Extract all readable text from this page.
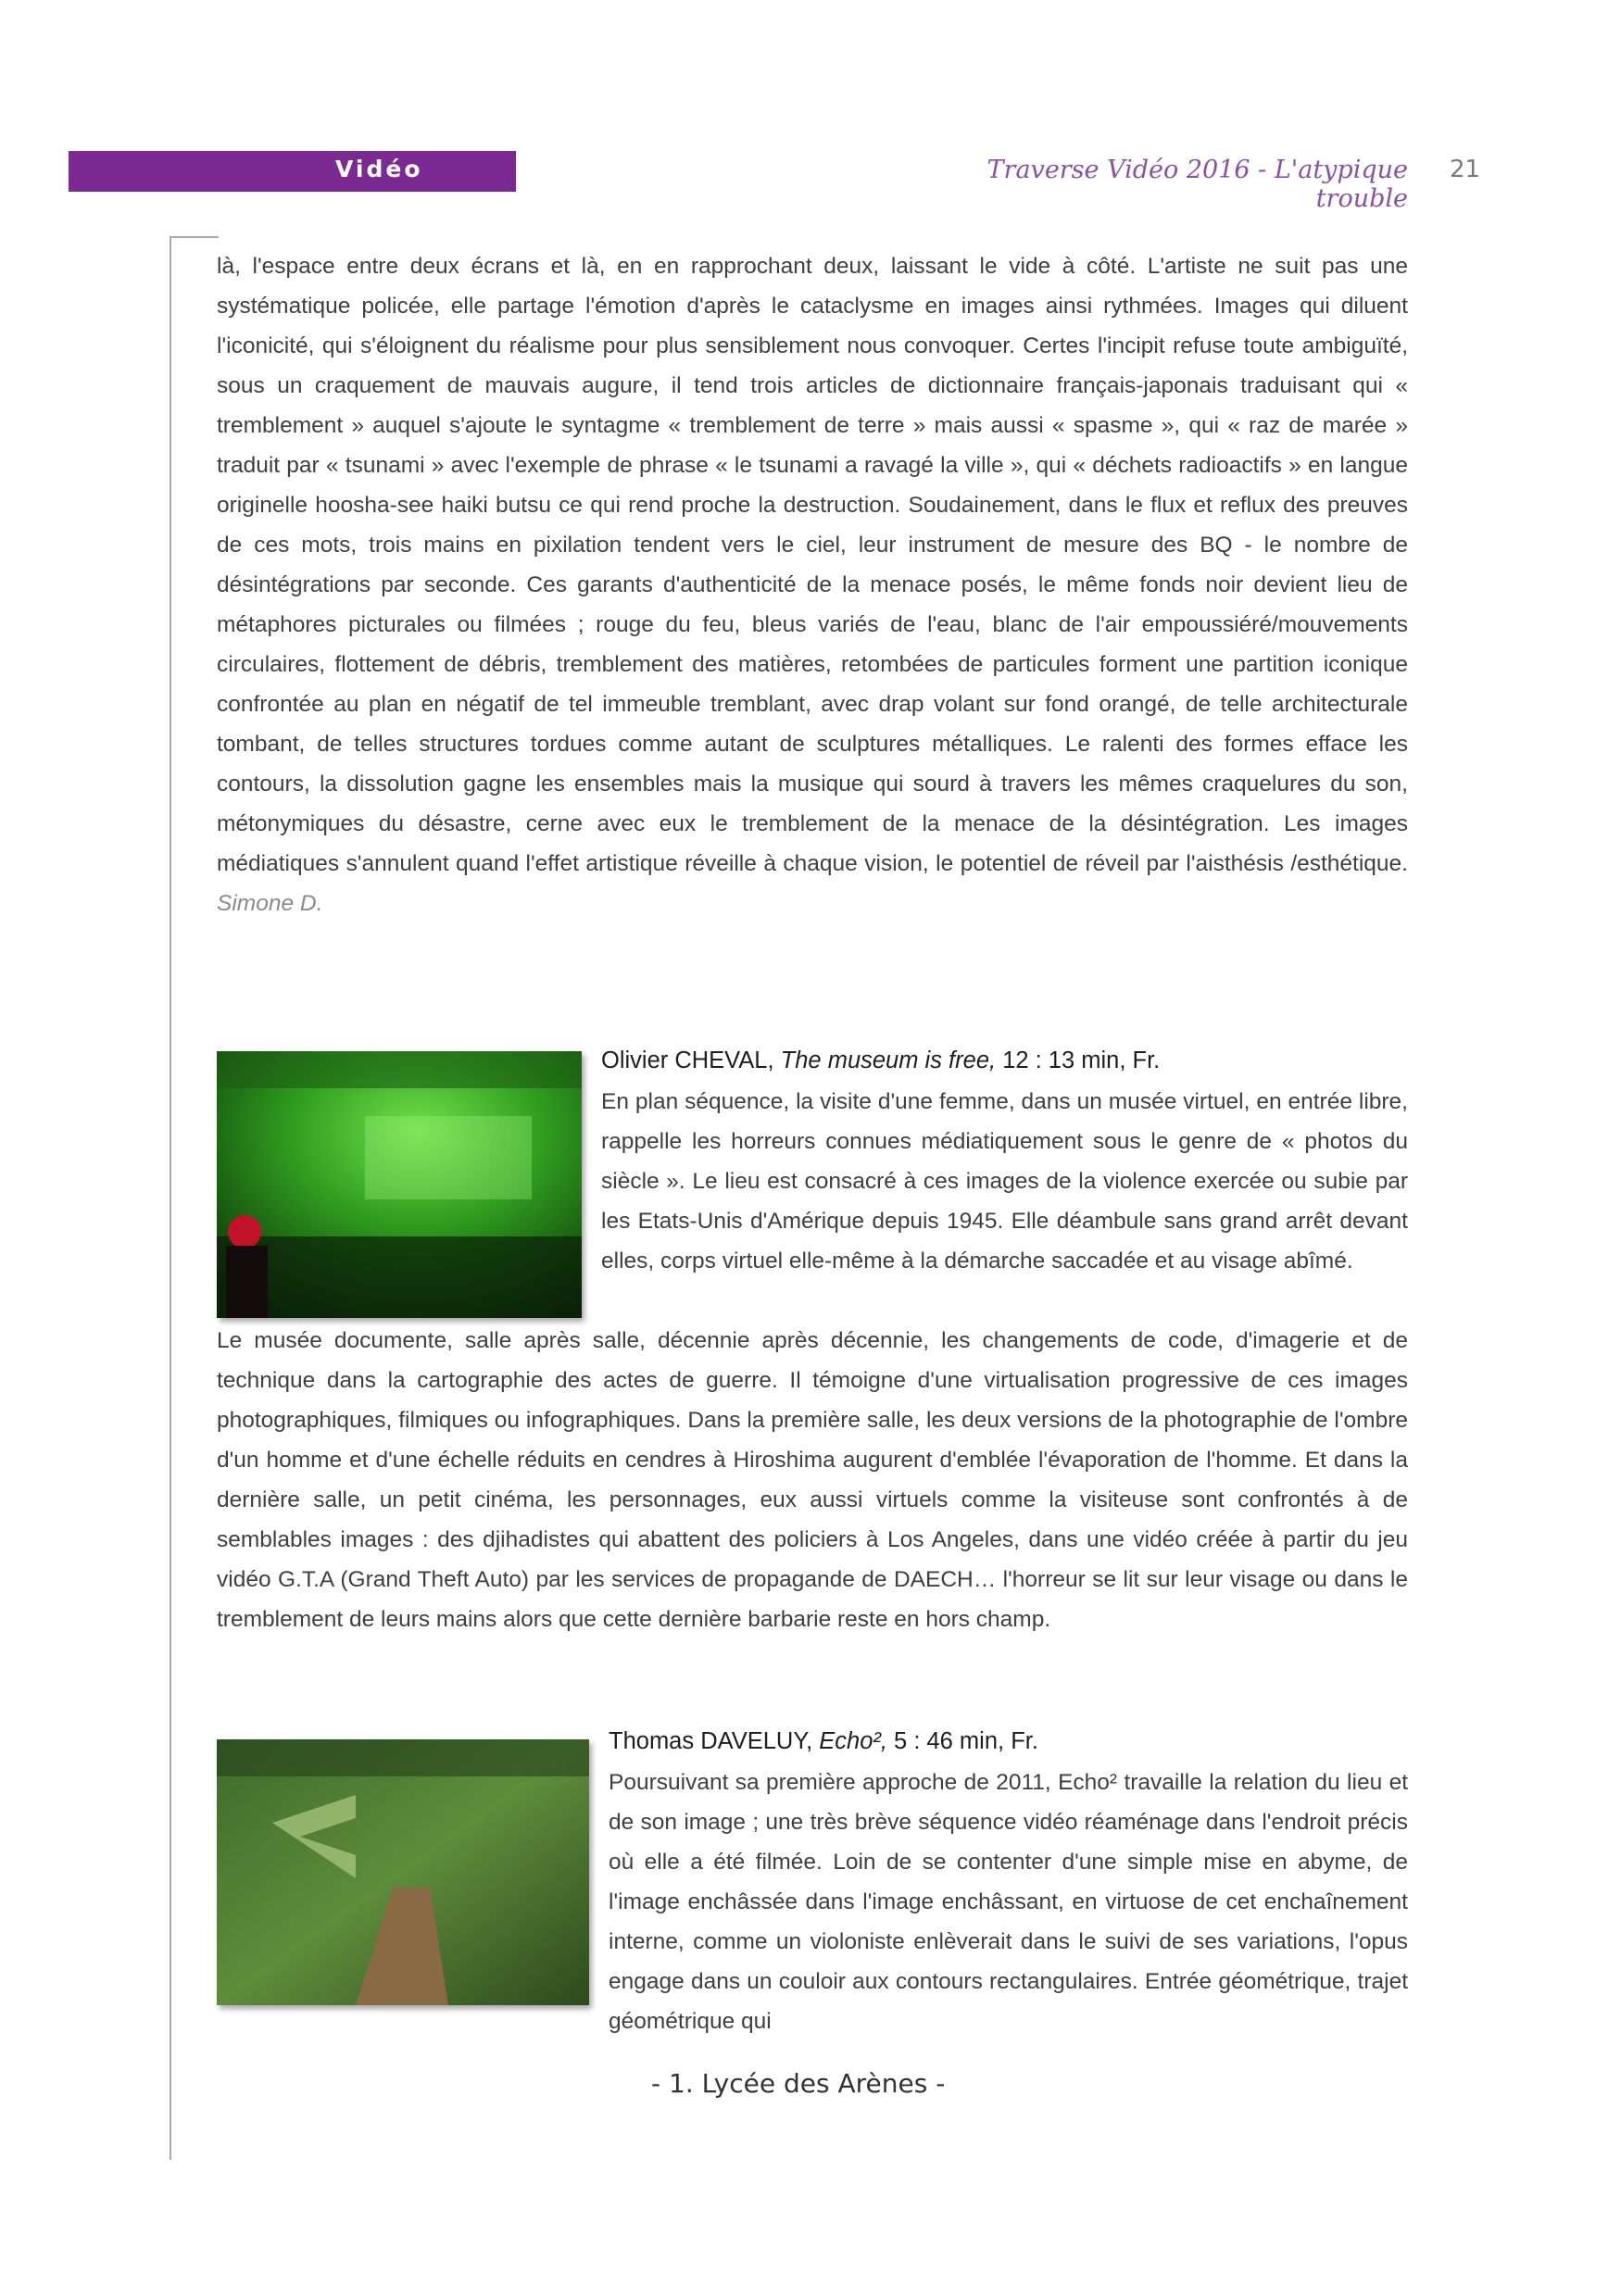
Vidéo	Traverse Vidéo 2016 - L'atypique trouble
21

là, l'espace entre deux écrans et là, en en rapprochant deux, laissant le vide à côté. L'artiste ne suit pas une systématique policée, elle partage l'émotion d'après le cataclysme en images ainsi rythmées. Images qui diluent l'iconicité, qui s'éloignent du réalisme pour plus sensiblement nous convoquer. Certes l'incipit refuse toute ambiguïté, sous un craquement de mauvais augure, il tend trois articles de dictionnaire français-japonais traduisant qui « tremblement » auquel s'ajoute le syntagme « tremblement de terre » mais aussi « spasme », qui « raz de marée » traduit par « tsunami » avec l'exemple de phrase « le tsunami a ravagé la ville », qui « déchets radioactifs » en langue originelle hoosha-see haiki butsu ce qui rend proche la destruction. Soudainement, dans le flux et reflux des preuves de ces mots, trois mains en pixilation tendent vers le ciel, leur instrument de mesure des BQ - le nombre de désintégrations par seconde. Ces garants d'authenticité de la menace posés, le même fonds noir devient lieu de métaphores picturales ou filmées ; rouge du feu, bleus variés de l'eau, blanc de l'air empoussiéré/mouvements circulaires, flottement de débris, tremblement des matières, retombées de particules forment une partition iconique confrontée au plan en négatif de tel immeuble tremblant, avec drap volant sur fond orangé, de telle architecturale tombant, de telles structures tordues comme autant de sculptures métalliques. Le ralenti des formes efface les contours, la dissolution gagne les ensembles mais la musique qui sourd à travers les mêmes craquelures du son, métonymiques du désastre, cerne avec eux le tremblement de la menace de la désintégration. Les images médiatiques s'annulent quand l'effet artistique réveille à chaque vision, le potentiel de réveil par l'aisthésis /esthétique. Simone D.

Olivier CHEVAL, The museum is free, 12 : 13 min, Fr.

En plan séquence, la visite d'une femme, dans un musée virtuel, en entrée libre, rappelle les horreurs connues médiatiquement sous le genre de « photos du siècle ». Le lieu est consacré à ces images de la violence exercée ou subie par les Etats-Unis d'Amérique depuis 1945. Elle déambule sans grand arrêt devant elles, corps virtuel elle-même à la démarche saccadée et au visage abîmé.

Le musée documente, salle après salle, décennie après décennie, les changements de code, d'imagerie et de technique dans la cartographie des actes de guerre. Il témoigne d'une virtualisation progressive de ces images photographiques, filmiques ou infographiques. Dans la première salle, les deux versions de la photographie de l'ombre d'un homme et d'une échelle réduits en cendres à Hiroshima augurent d'emblée l'évaporation de l'homme. Et dans la dernière salle, un petit cinéma, les personnages, eux aussi virtuels comme la visiteuse sont confrontés à de semblables images : des djihadistes qui abattent des policiers à Los Angeles, dans une vidéo créée à partir du jeu vidéo G.T.A (Grand Theft Auto) par les services de propagande de DAECH… l'horreur se lit sur leur visage ou dans le tremblement de leurs mains alors que cette dernière barbarie reste en hors champ.

Thomas DAVELUY, Echo², 5 : 46 min, Fr.

Poursuivant sa première approche de 2011, Echo² travaille la relation du lieu et de son image ; une très brève séquence vidéo réaménage dans l'endroit précis où elle a été filmée. Loin de se contenter d'une simple mise en abyme, de l'image enchâssée dans l'image enchâssant, en virtuose de cet enchaînement interne, comme un violoniste enlèverait dans le suivi de ses variations, l'opus engage dans un couloir aux contours rectangulaires. Entrée géométrique, trajet géométrique qui

- 1. Lycée des Arènes -
